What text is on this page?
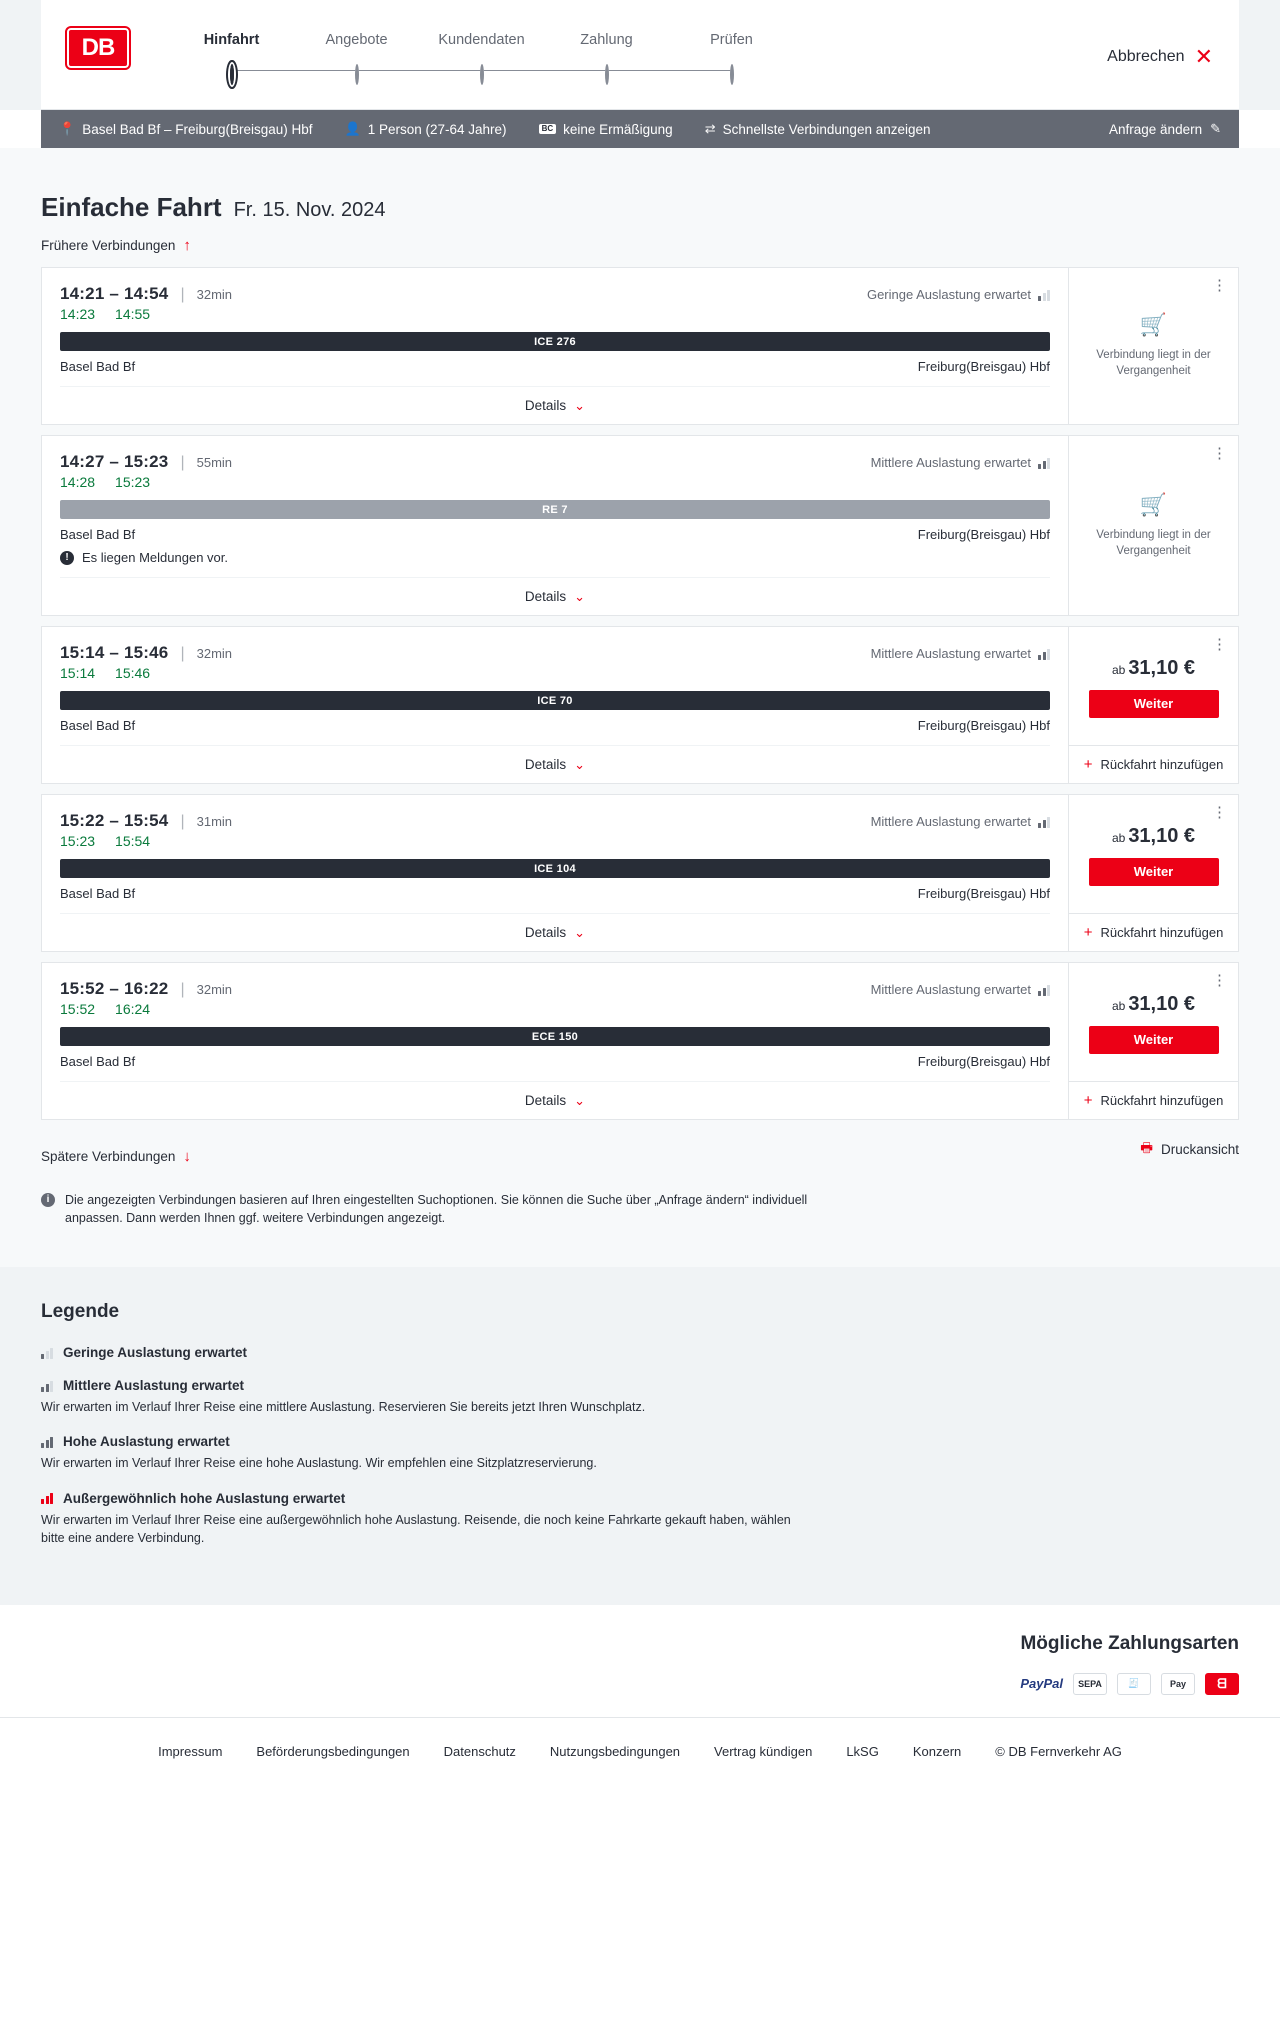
DB	Hinfahrt	Angebote	Kundendaten	Zahlung	Prüfen
Abbrechen ✕
📍 Basel Bad Bf – Freiburg(Breisgau) Hbf 👤 1 Person (27-64 Jahre)	BC keine Ermäßigung ⇄ Schnellste Verbindungen anzeigen	Anfrage ändern ✎
Einfache Fahrt Fr. 15. Nov. 2024
Frühere Verbindungen ↑
14:21 – 14:54 | 32min	Geringe Auslastung erwartet
14:23 14:55
ICE 276
Basel Bad Bf	Freiburg(Breisgau) Hbf
Details ⌄
⋮
🛒
Verbindung liegt in der Vergangenheit
14:27 – 15:23 | 55min	Mittlere Auslastung erwartet
14:28 15:23
RE 7
Basel Bad Bf	Freiburg(Breisgau) Hbf
!	Es liegen Meldungen vor.
Details ⌄
⋮
🛒
Verbindung liegt in der Vergangenheit
15:14 – 15:46 | 32min	Mittlere Auslastung erwartet
15:14 15:46
ICE 70
Basel Bad Bf	Freiburg(Breisgau) Hbf
Details ⌄
⋮
ab 31,10 €
Weiter
+ Rückfahrt hinzufügen
15:22 – 15:54 | 31min	Mittlere Auslastung erwartet
15:23 15:54
ICE 104
Basel Bad Bf	Freiburg(Breisgau) Hbf
Details ⌄
⋮
ab 31,10 €
Weiter
+ Rückfahrt hinzufügen
15:52 – 16:22 | 32min	Mittlere Auslastung erwartet
15:52 16:24
ECE 150
Basel Bad Bf	Freiburg(Breisgau) Hbf
Details ⌄
⋮
ab 31,10 €
Weiter
+ Rückfahrt hinzufügen
Spätere Verbindungen ↓
🖶 Druckansicht
i	Die angezeigten Verbindungen basieren auf Ihren eingestellten Suchoptionen. Sie können die Suche über „Anfrage ändern“ individuell anpassen. Dann werden Ihnen ggf. weitere Verbindungen angezeigt.
Legende
Geringe Auslastung erwartet
Mittlere Auslastung erwartet
Wir erwarten im Verlauf Ihrer Reise eine mittlere Auslastung. Reservieren Sie bereits jetzt Ihren Wunschplatz.
Hohe Auslastung erwartet
Wir erwarten im Verlauf Ihrer Reise eine hohe Auslastung. Wir empfehlen eine Sitzplatzreservierung.
Außergewöhnlich hohe Auslastung erwartet
Wir erwarten im Verlauf Ihrer Reise eine außergewöhnlich hohe Auslastung. Reisende, die noch keine Fahrkarte gekauft haben, wählen bitte eine andere Verbindung.
Mögliche Zahlungsarten
PayPal	SEPA	🧾	Pay	ᗺ
Impressum	Beförderungsbedingungen	Datenschutz	Nutzungsbedingungen	Vertrag kündigen	LkSG	Konzern	© DB Fernverkehr AG
